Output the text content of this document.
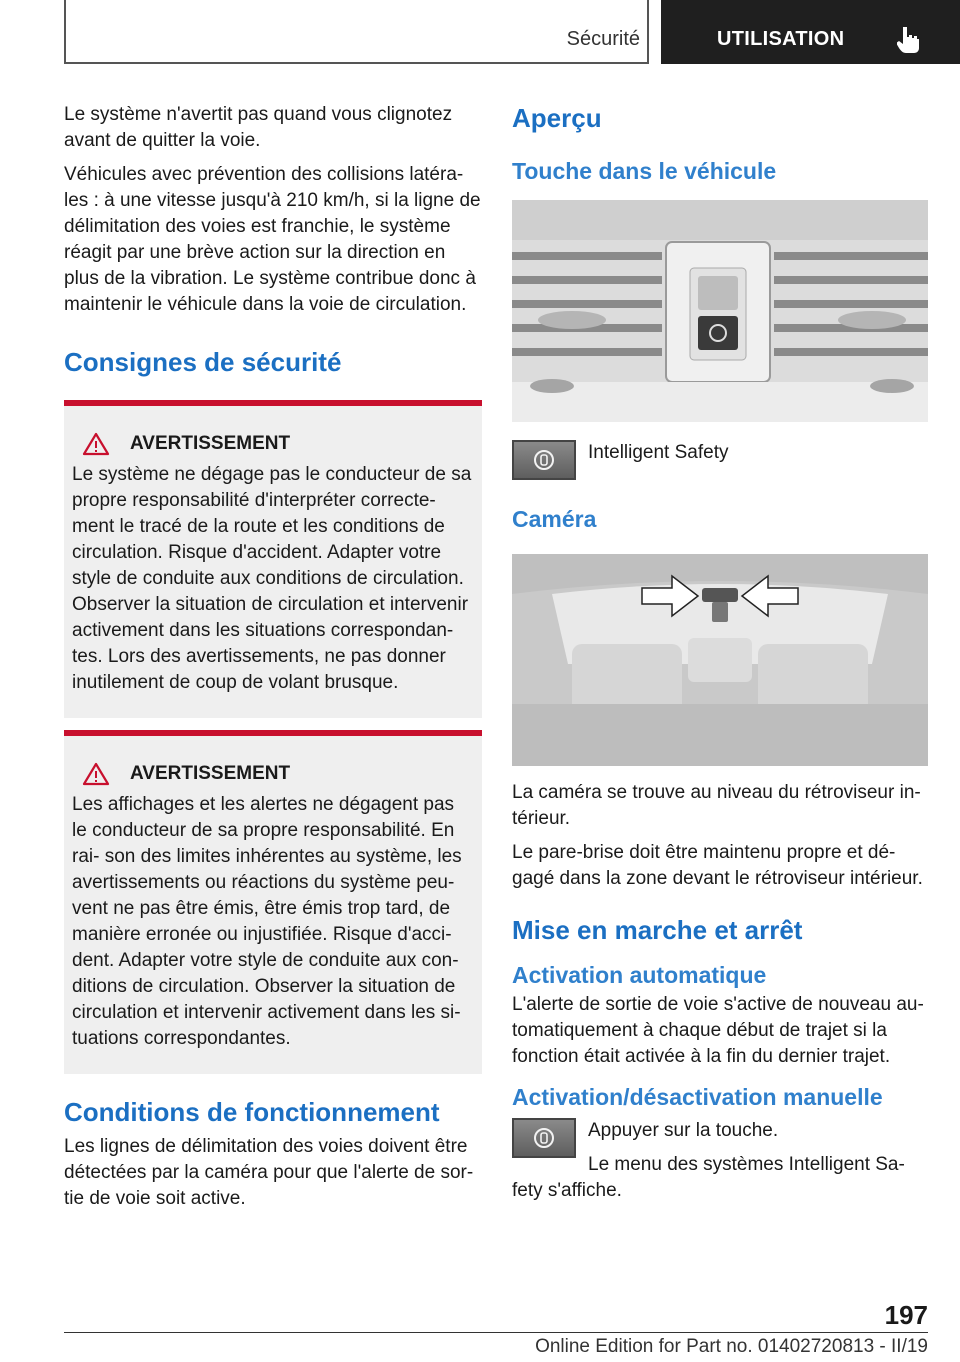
Sécurité	UTILISATION

Le système n'avertit pas quand vous clignotez avant de quitter la voie.

Véhicules avec prévention des collisions latéra- les : à une vitesse jusqu'à 210 km/h, si la ligne de délimitation des voies est franchie, le système réagit par une brève action sur la direction en plus de la vibration. Le système contribue donc à maintenir le véhicule dans la voie de circulation.

Consignes de sécurité
AVERTISSEMENT

Le système ne dégage pas le conducteur de sa propre responsabilité d'interpréter correcte- ment le tracé de la route et les conditions de circulation. Risque d'accident. Adapter votre style de conduite aux conditions de circulation. Observer la situation de circulation et intervenir activement dans les situations correspondan- tes. Lors des avertissements, ne pas donner inutilement de coup de volant brusque.

AVERTISSEMENT

Les affichages et les alertes ne dégagent pas le conducteur de sa propre responsabilité. En rai- son des limites inhérentes au système, les avertissements ou réactions du système peu- vent ne pas être émis, être émis trop tard, de manière erronée ou injustifiée. Risque d'acci- dent. Adapter votre style de conduite aux con- ditions de circulation. Observer la situation de circulation et intervenir activement dans les si- tuations correspondantes.

Conditions de fonctionnement

Les lignes de délimitation des voies doivent être détectées par la caméra pour que l'alerte de sor- tie de voie soit active.

Aperçu
Touche dans le véhicule

Intelligent Safety

Caméra

La caméra se trouve au niveau du rétroviseur in- térieur.

Le pare-brise doit être maintenu propre et dé- gagé dans la zone devant le rétroviseur intérieur.

Mise en marche et arrêt
Activation automatique

L'alerte de sortie de voie s'active de nouveau au- tomatiquement à chaque début de trajet si la fonction était activée à la fin du dernier trajet.

Activation/désactivation manuelle

Appuyer sur la touche.

Le menu des systèmes Intelligent Sa- fety s'affiche.

197
Online Edition for Part no. 01402720813 - II/19
